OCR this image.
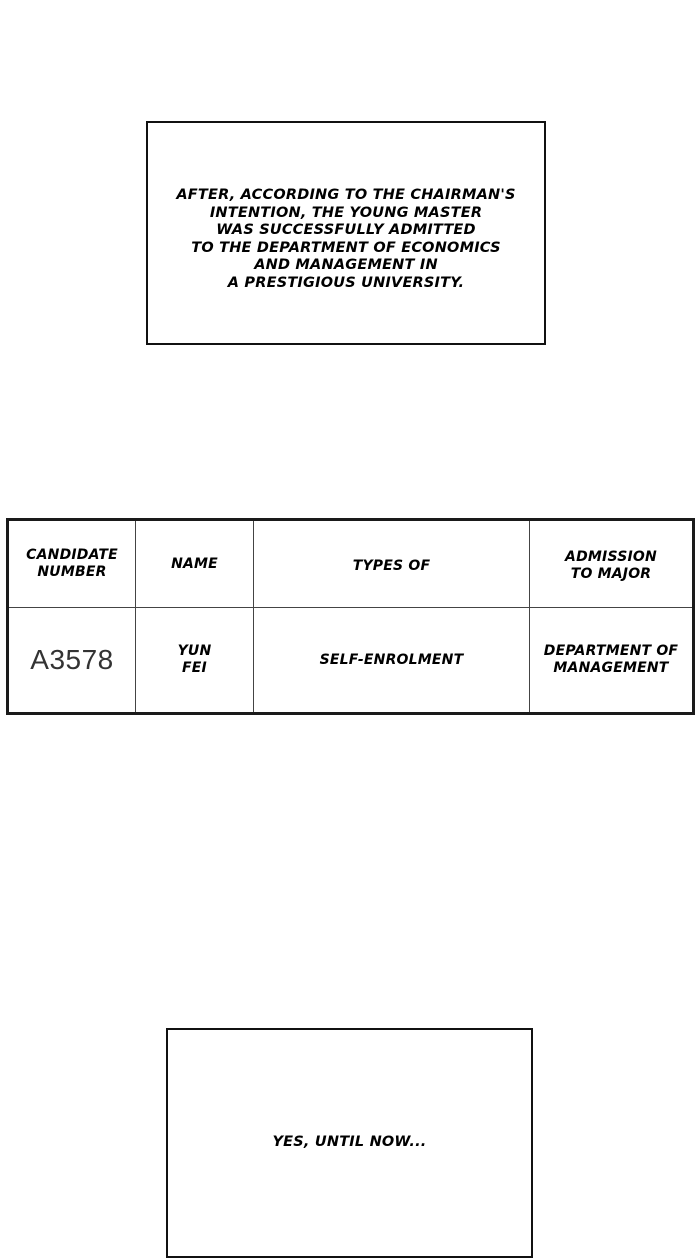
AFTER, ACCORDING TO THE CHAIRMAN'S
INTENTION, THE YOUNG MASTER
WAS SUCCESSFULLY ADMITTED
TO THE DEPARTMENT OF ECONOMICS
AND MANAGEMENT IN
A PRESTIGIOUS UNIVERSITY.
CANDIDATE
NUMBER
NAME	TYPES OF
ADMISSION
TO MAJOR
A3578	YUN
FEI
SELF-ENROLMENT
DEPARTMENT OF
MANAGEMENT
YES, UNTIL NOW...
